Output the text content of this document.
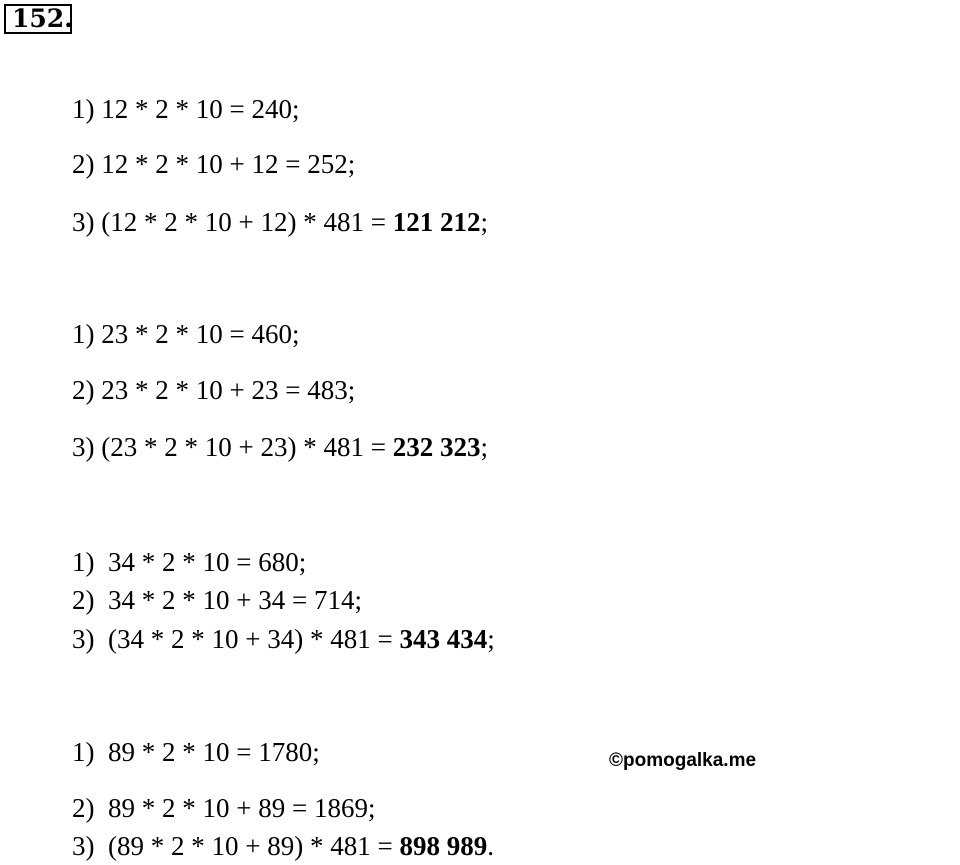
152.
1) 12 * 2 * 10 = 240;
2) 12 * 2 * 10 + 12 = 252;
3) (12 * 2 * 10 + 12) * 481 = 121 212;
1) 23 * 2 * 10 = 460;
2) 23 * 2 * 10 + 23 = 483;
3) (23 * 2 * 10 + 23) * 481 = 232 323;
1)  34 * 2 * 10 = 680;
2)  34 * 2 * 10 + 34 = 714;
3)  (34 * 2 * 10 + 34) * 481 = 343 434;
1)  89 * 2 * 10 = 1780;
2)  89 * 2 * 10 + 89 = 1869;
3)  (89 * 2 * 10 + 89) * 481 = 898 989.
©pomogalka.me
